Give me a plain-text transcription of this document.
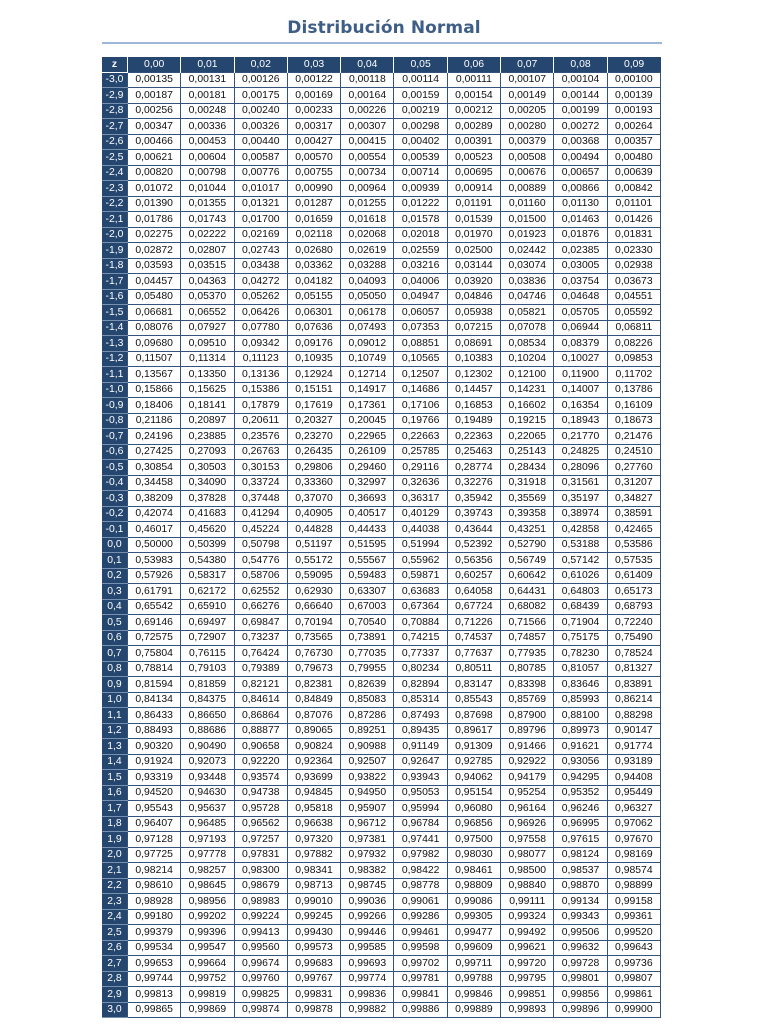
Distribución Normal
z	0,00	0,01	0,02	0,03	0,04	0,05	0,06	0,07	0,08	0,09
-3,0	0,00135	0,00131	0,00126	0,00122	0,00118	0,00114	0,00111	0,00107	0,00104	0,00100
-2,9	0,00187	0,00181	0,00175	0,00169	0,00164	0,00159	0,00154	0,00149	0,00144	0,00139
-2,8	0,00256	0,00248	0,00240	0,00233	0,00226	0,00219	0,00212	0,00205	0,00199	0,00193
-2,7	0,00347	0,00336	0,00326	0,00317	0,00307	0,00298	0,00289	0,00280	0,00272	0,00264
-2,6	0,00466	0,00453	0,00440	0,00427	0,00415	0,00402	0,00391	0,00379	0,00368	0,00357
-2,5	0,00621	0,00604	0,00587	0,00570	0,00554	0,00539	0,00523	0,00508	0,00494	0,00480
-2,4	0,00820	0,00798	0,00776	0,00755	0,00734	0,00714	0,00695	0,00676	0,00657	0,00639
-2,3	0,01072	0,01044	0,01017	0,00990	0,00964	0,00939	0,00914	0,00889	0,00866	0,00842
-2,2	0,01390	0,01355	0,01321	0,01287	0,01255	0,01222	0,01191	0,01160	0,01130	0,01101
-2,1	0,01786	0,01743	0,01700	0,01659	0,01618	0,01578	0,01539	0,01500	0,01463	0,01426
-2,0	0,02275	0,02222	0,02169	0,02118	0,02068	0,02018	0,01970	0,01923	0,01876	0,01831
-1,9	0,02872	0,02807	0,02743	0,02680	0,02619	0,02559	0,02500	0,02442	0,02385	0,02330
-1,8	0,03593	0,03515	0,03438	0,03362	0,03288	0,03216	0,03144	0,03074	0,03005	0,02938
-1,7	0,04457	0,04363	0,04272	0,04182	0,04093	0,04006	0,03920	0,03836	0,03754	0,03673
-1,6	0,05480	0,05370	0,05262	0,05155	0,05050	0,04947	0,04846	0,04746	0,04648	0,04551
-1,5	0,06681	0,06552	0,06426	0,06301	0,06178	0,06057	0,05938	0,05821	0,05705	0,05592
-1,4	0,08076	0,07927	0,07780	0,07636	0,07493	0,07353	0,07215	0,07078	0,06944	0,06811
-1,3	0,09680	0,09510	0,09342	0,09176	0,09012	0,08851	0,08691	0,08534	0,08379	0,08226
-1,2	0,11507	0,11314	0,11123	0,10935	0,10749	0,10565	0,10383	0,10204	0,10027	0,09853
-1,1	0,13567	0,13350	0,13136	0,12924	0,12714	0,12507	0,12302	0,12100	0,11900	0,11702
-1,0	0,15866	0,15625	0,15386	0,15151	0,14917	0,14686	0,14457	0,14231	0,14007	0,13786
-0,9	0,18406	0,18141	0,17879	0,17619	0,17361	0,17106	0,16853	0,16602	0,16354	0,16109
-0,8	0,21186	0,20897	0,20611	0,20327	0,20045	0,19766	0,19489	0,19215	0,18943	0,18673
-0,7	0,24196	0,23885	0,23576	0,23270	0,22965	0,22663	0,22363	0,22065	0,21770	0,21476
-0,6	0,27425	0,27093	0,26763	0,26435	0,26109	0,25785	0,25463	0,25143	0,24825	0,24510
-0,5	0,30854	0,30503	0,30153	0,29806	0,29460	0,29116	0,28774	0,28434	0,28096	0,27760
-0,4	0,34458	0,34090	0,33724	0,33360	0,32997	0,32636	0,32276	0,31918	0,31561	0,31207
-0,3	0,38209	0,37828	0,37448	0,37070	0,36693	0,36317	0,35942	0,35569	0,35197	0,34827
-0,2	0,42074	0,41683	0,41294	0,40905	0,40517	0,40129	0,39743	0,39358	0,38974	0,38591
-0,1	0,46017	0,45620	0,45224	0,44828	0,44433	0,44038	0,43644	0,43251	0,42858	0,42465
0,0	0,50000	0,50399	0,50798	0,51197	0,51595	0,51994	0,52392	0,52790	0,53188	0,53586
0,1	0,53983	0,54380	0,54776	0,55172	0,55567	0,55962	0,56356	0,56749	0,57142	0,57535
0,2	0,57926	0,58317	0,58706	0,59095	0,59483	0,59871	0,60257	0,60642	0,61026	0,61409
0,3	0,61791	0,62172	0,62552	0,62930	0,63307	0,63683	0,64058	0,64431	0,64803	0,65173
0,4	0,65542	0,65910	0,66276	0,66640	0,67003	0,67364	0,67724	0,68082	0,68439	0,68793
0,5	0,69146	0,69497	0,69847	0,70194	0,70540	0,70884	0,71226	0,71566	0,71904	0,72240
0,6	0,72575	0,72907	0,73237	0,73565	0,73891	0,74215	0,74537	0,74857	0,75175	0,75490
0,7	0,75804	0,76115	0,76424	0,76730	0,77035	0,77337	0,77637	0,77935	0,78230	0,78524
0,8	0,78814	0,79103	0,79389	0,79673	0,79955	0,80234	0,80511	0,80785	0,81057	0,81327
0,9	0,81594	0,81859	0,82121	0,82381	0,82639	0,82894	0,83147	0,83398	0,83646	0,83891
1,0	0,84134	0,84375	0,84614	0,84849	0,85083	0,85314	0,85543	0,85769	0,85993	0,86214
1,1	0,86433	0,86650	0,86864	0,87076	0,87286	0,87493	0,87698	0,87900	0,88100	0,88298
1,2	0,88493	0,88686	0,88877	0,89065	0,89251	0,89435	0,89617	0,89796	0,89973	0,90147
1,3	0,90320	0,90490	0,90658	0,90824	0,90988	0,91149	0,91309	0,91466	0,91621	0,91774
1,4	0,91924	0,92073	0,92220	0,92364	0,92507	0,92647	0,92785	0,92922	0,93056	0,93189
1,5	0,93319	0,93448	0,93574	0,93699	0,93822	0,93943	0,94062	0,94179	0,94295	0,94408
1,6	0,94520	0,94630	0,94738	0,94845	0,94950	0,95053	0,95154	0,95254	0,95352	0,95449
1,7	0,95543	0,95637	0,95728	0,95818	0,95907	0,95994	0,96080	0,96164	0,96246	0,96327
1,8	0,96407	0,96485	0,96562	0,96638	0,96712	0,96784	0,96856	0,96926	0,96995	0,97062
1,9	0,97128	0,97193	0,97257	0,97320	0,97381	0,97441	0,97500	0,97558	0,97615	0,97670
2,0	0,97725	0,97778	0,97831	0,97882	0,97932	0,97982	0,98030	0,98077	0,98124	0,98169
2,1	0,98214	0,98257	0,98300	0,98341	0,98382	0,98422	0,98461	0,98500	0,98537	0,98574
2,2	0,98610	0,98645	0,98679	0,98713	0,98745	0,98778	0,98809	0,98840	0,98870	0,98899
2,3	0,98928	0,98956	0,98983	0,99010	0,99036	0,99061	0,99086	0,99111	0,99134	0,99158
2,4	0,99180	0,99202	0,99224	0,99245	0,99266	0,99286	0,99305	0,99324	0,99343	0,99361
2,5	0,99379	0,99396	0,99413	0,99430	0,99446	0,99461	0,99477	0,99492	0,99506	0,99520
2,6	0,99534	0,99547	0,99560	0,99573	0,99585	0,99598	0,99609	0,99621	0,99632	0,99643
2,7	0,99653	0,99664	0,99674	0,99683	0,99693	0,99702	0,99711	0,99720	0,99728	0,99736
2,8	0,99744	0,99752	0,99760	0,99767	0,99774	0,99781	0,99788	0,99795	0,99801	0,99807
2,9	0,99813	0,99819	0,99825	0,99831	0,99836	0,99841	0,99846	0,99851	0,99856	0,99861
3,0	0,99865	0,99869	0,99874	0,99878	0,99882	0,99886	0,99889	0,99893	0,99896	0,99900
